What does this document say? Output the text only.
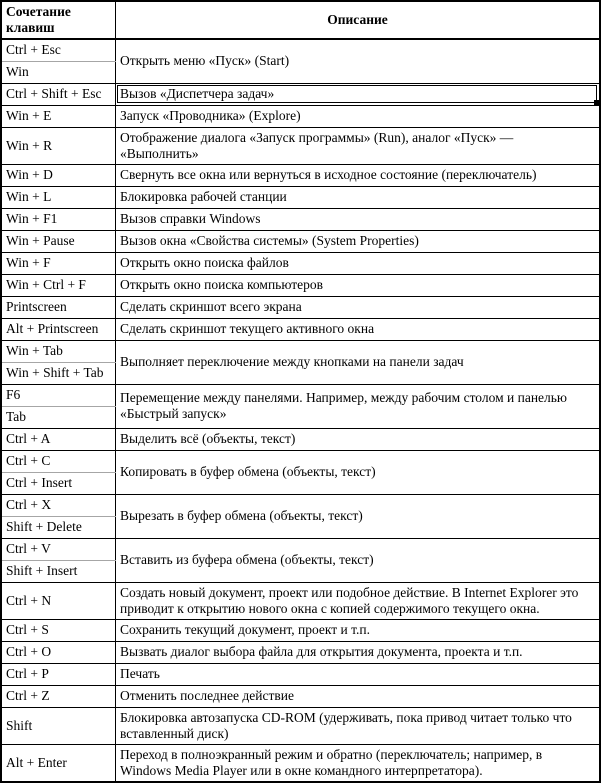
Сочетание клавиш	Описание
Ctrl + Esc	Открыть меню «Пуск» (Start)
Win	
Ctrl + Shift + Esc	Вызов «Диспетчера задач»

Win + E	Запуск «Проводника» (Explore)
Win + R	Отображение диалога «Запуск программы» (Run), аналог «Пуск» — «Выполнить»
Win + D	Свернуть все окна или вернуться в исходное состояние (переключатель)
Win + L	Блокировка рабочей станции
Win + F1	Вызов справки Windows
Win + Pause	Вызов окна «Свойства системы» (System Properties)
Win + F	Открыть окно поиска файлов
Win + Ctrl + F	Открыть окно поиска компьютеров
Printscreen	Сделать скриншот всего экрана
Alt + Printscreen	Сделать скриншот текущего активного окна
Win + Tab	Выполняет переключение между кнопками на панели задач
Win + Shift + Tab	
F6	Перемещение между панелями. Например, между рабочим столом и панелью «Быстрый запуск»
Tab	
Ctrl + A	Выделить всё (объекты, текст)
Ctrl + C	Копировать в буфер обмена (объекты, текст)
Ctrl + Insert	
Ctrl + X	Вырезать в буфер обмена (объекты, текст)
Shift + Delete	
Ctrl + V	Вставить из буфера обмена (объекты, текст)
Shift + Insert	
Ctrl + N	Создать новый документ, проект или подобное действие. В Internet Explorer это приводит к открытию нового окна с копией содержимого текущего окна.
Ctrl + S	Сохранить текущий документ, проект и т.п.
Ctrl + O	Вызвать диалог выбора файла для открытия документа, проекта и т.п.
Ctrl + P	Печать
Ctrl + Z	Отменить последнее действие
Shift	Блокировка автозапуска CD-ROM (удерживать, пока привод читает только что вставленный диск)
Alt + Enter	Переход в полноэкранный режим и обратно (переключатель; например, в Windows Media Player или в окне командного интерпретатора).
